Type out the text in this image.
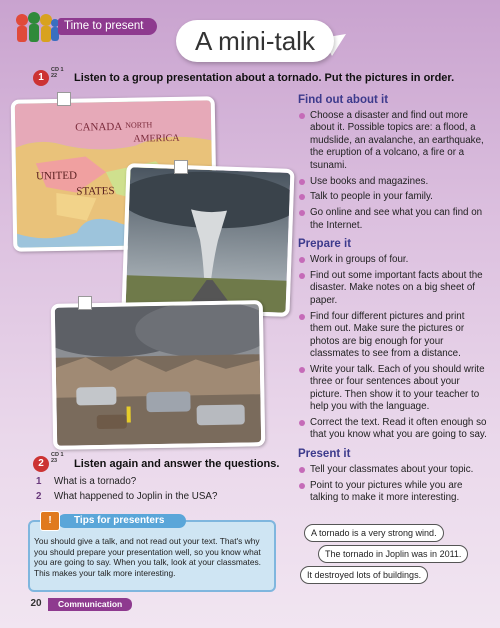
Time to present	A mini-talk
1
CD 1
22	Listen to a group presentation about a tornado. Put the pictures in order.
CANADA
AMERICA
UNITED
STATES
NORTH
Find out about it
Choose a disaster and find out more about it. Possible topics are: a flood, a mudslide, an avalanche, an earthquake, the eruption of a volcano, a fire or a tsunami.
Use books and magazines.
Talk to people in your family.
Go online and see what you can find on the Internet.
Prepare it
Work in groups of four.
Find out some important facts about the disaster. Make notes on a big sheet of paper.
Find four different pictures and print them out. Make sure the pictures or photos are big enough for your classmates to see from a distance.
Write your talk. Each of you should write three or four sentences about your picture. Then show it to your teacher to help you with the language.
Correct the text. Read it often enough so that you know what you are going to say.
Present it
Tell your classmates about your topic.
Point to your pictures while you are talking to make it more interesting.
2
CD 1
23	Listen again and answer the questions.
1 What is a tornado?
2 What happened to Joplin in the USA?
Tips for presenters
!
You should give a talk, and not read out your text. That's why you should prepare your presentation well, so you know what you are going to say. When you talk, look at your classmates. This makes your talk more interesting.
A tornado is a very strong wind.
The tornado in Joplin was in 2011.
It destroyed lots of buildings.
20	Communication
